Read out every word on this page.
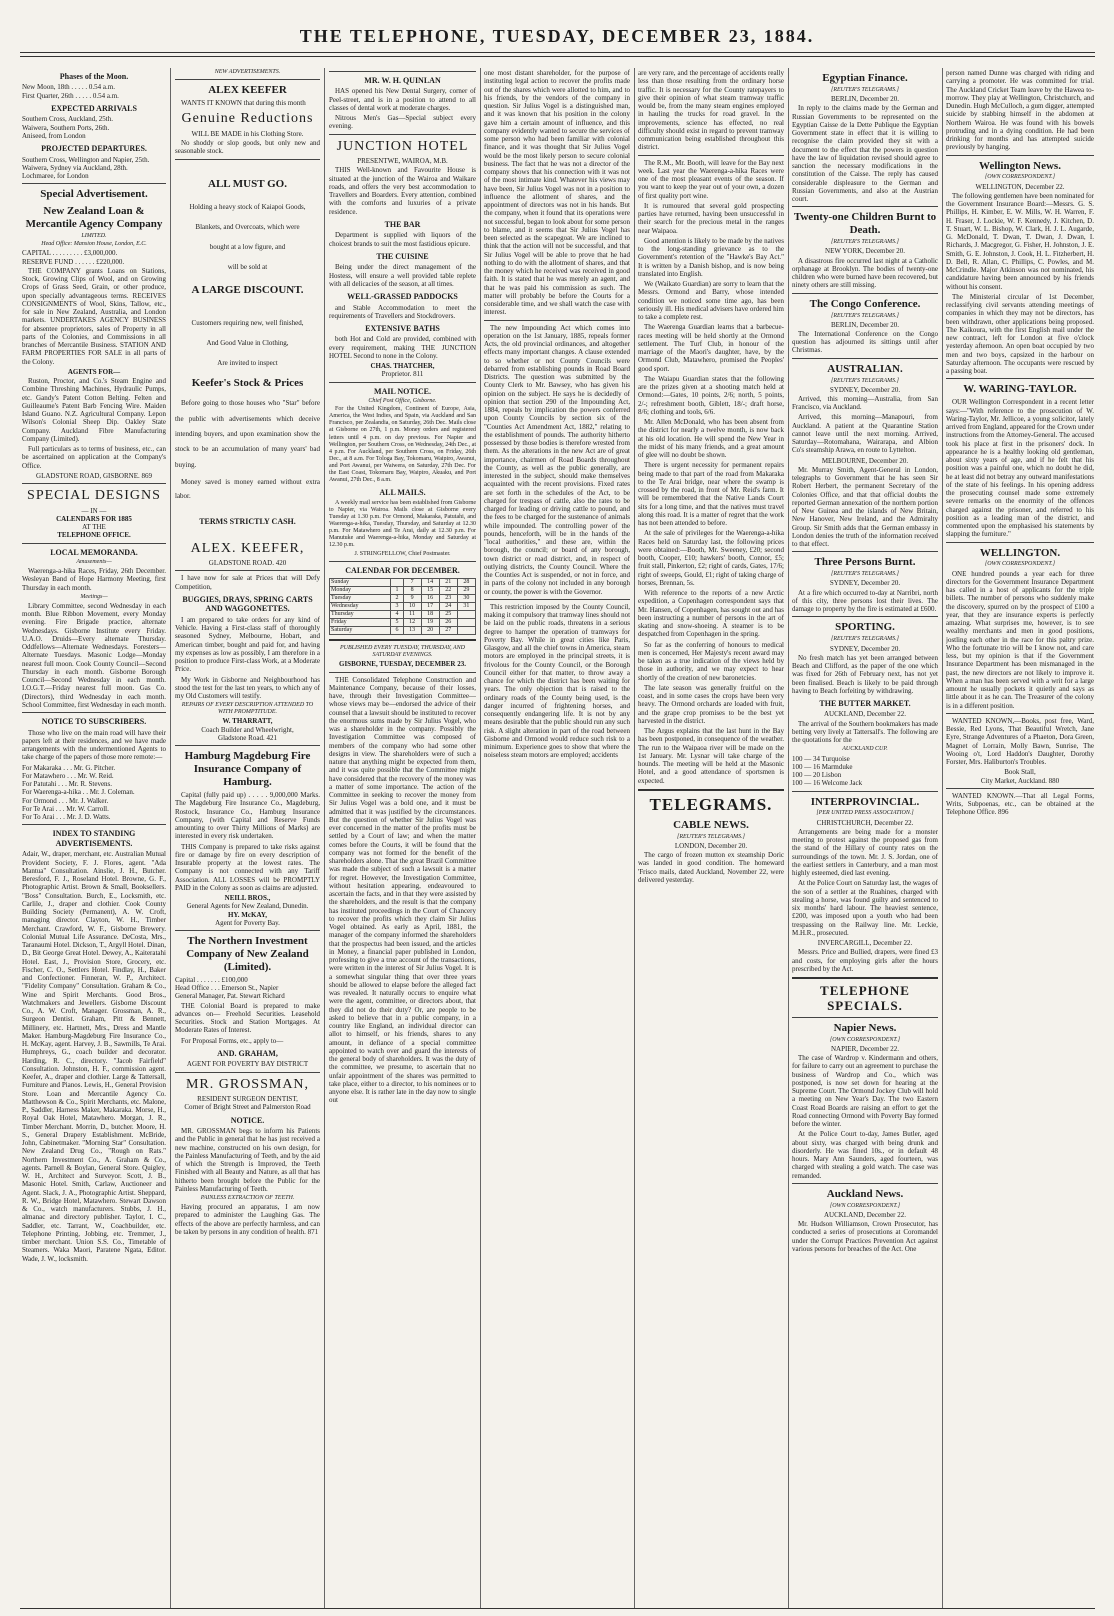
THE TELEPHONE, TUESDAY, DECEMBER 23, 1884.
Phases of the Moon.
New Moon, 18th . . . . . 0.54 a.m.
First Quarter, 26th . . . . . 0.54 a.m.
EXPECTED ARRIVALS
Southern Cross, Auckland, 25th.
Waiwera, Southern Ports, 26th.
Aniseed, from London
PROJECTED DEPARTURES.
Southern Cross, Wellington and Napier, 25th.
Waiwera, Sydney via Auckland, 28th.
Lochmaree, for London
Special Advertisement.
New Zealand Loan & Mercantile Agency Company
LIMITED.
Head Office: Mansion House, London, E.C.
CAPITAL . . . . . . . . . £3,000,000.
RESERVE FUND . . . . . . £220,000.
THE COMPANY grants Loans on Stations, Stock, Growing Clips of Wool, and on Growing Crops of Grass Seed, Grain, or other produce, upon specially advantageous terms. RECEIVES CONSIGNMENTS of Wool, Skins, Tallow, etc., for sale in New Zealand, Australia, and London markets. UNDERTAKES AGENCY BUSINESS for absentee proprietors, sales of Property in all parts of the Colonies, and Commissions in all branches of Mercantile Business. STATION AND FARM PROPERTIES FOR SALE in all parts of the Colony.
AGENTS FOR—
Ruston, Proctor, and Co.'s Steam Engine and Combine Threshing Machines, Hydraulic Pumps, etc. Gandy's Patent Cotton Belting. Felten and Guilleaume's Patent Barb Fencing Wire. Maiden Island Guano. N.Z. Agricultural Company. Lepon Wilson's Colonial Sheep Dip. Oakley State Company. Auckland Fibre Manufacturing Company (Limited).
Full particulars as to terms of business, etc., can be ascertained on application at the Company's Office.
GLADSTONE ROAD, GISBORNE. 869
SPECIAL DESIGNS
— IN —
CALENDARS FOR 1885
AT THE
TELEPHONE OFFICE.
LOCAL MEMORANDA.
Amusements—
Waerenga-a-hika Races, Friday, 26th December. Wesleyan Band of Hope Harmony Meeting, first Thursday in each month.
Meetings—
Library Committee, second Wednesday in each month. Blue Ribbon Movement, every Monday evening. Fire Brigade practice, alternate Wednesdays. Gisborne Institute every Friday. U.A.O. Druids—Every alternate Thursday. Oddfellows—Alternate Wednesdays. Foresters—Alternate Tuesdays. Masonic Lodge—Monday nearest full moon. Cook County Council—Second Thursday in each month. Gisborne Borough Council—Second Wednesday in each month. I.O.G.T.—Friday nearest full moon. Gas Co. (Directors), third Wednesday in each month. School Committee, first Wednesday in each month.
NOTICE TO SUBSCRIBERS.
Those who live on the main road will have their papers left at their residences, and we have made arrangements with the undermentioned Agents to take charge of the papers of those more remote:—
For Makaraka . . . Mr. G. Pitcher.
For Matawhero . . . Mr. W. Reid.
For Patutahi . . . Mr. R. Stevens.
For Waerenga-a-hika . . Mr. J. Coleman.
For Ormond . . . Mr. J. Walker.
For Te Arai . . . Mr. W. Carroll.
For To Arai . . . Mr. J. D. Watts.
INDEX TO STANDING ADVERTISEMENTS.
Adair, W., draper, merchant, etc. Australian Mutual Provident Society, F. J. Flores, agent. "Ada Mantua" Consultation. Ainslie, J. H., Butcher. Beresford, F. J., Roseland Hotel. Browne, G. F., Photographic Artist. Brown & Small, Booksellers. "Boss" Consultation. Burch, E., Locksmith, etc. Carlile, J., draper and clothier. Cook County Building Society (Permanent), A. W. Croft, managing director. Clayton, W. H., Timber Merchant. Crawford, W. F., Gisborne Brewery. Colonial Mutual Life Assurance. DeCosta, Mrs., Taranaumi Hotel. Dickson, T., Argyll Hotel. Dinan, D., Bit George Great Hotel. Dewey, A., Kaiteratahi Hotel. East, J., Provision Store, Grocery, etc. Fischer, C. O., Settlers Hotel. Findlay, H., Baker and Confectioner. Finneran, W. P., Architect. "Fidelity Company" Consultation. Graham & Co., Wine and Spirit Merchants. Good Bros., Watchmakers and Jewellers. Gisborne Discount Co., A. W. Croft, Manager. Grossman, A. R., Surgeon Dentist. Graham, Pitt & Bennett, Millinery, etc. Hartnett, Mrs., Dress and Mantle Maker. Hamburg-Magdeburg Fire Insurance Co., H. McKay, agent. Harvey, J. B., Sawmills, Te Arai. Humphreys, G., coach builder and decorator. Harding, R. C., directory. "Jacob Fairfield" Consultation. Johnston, H. F., commission agent. Keefer, A., draper and clothier. Large & Tattersall, Furniture and Pianos. Lewis, H., General Provision Store. Loan and Mercantile Agency Co. Matthewson & Co., Spirit Merchants, etc. Malone, P., Saddler, Harness Maker, Makaraka. Morse, H., Royal Oak Hotel, Matawhero. Morgan, J. R., Timber Merchant. Morrin, D., butcher. Moore, H. S., General Drapery Establishment. McBride, John, Cabinetmaker. "Morning Star" Consultation. New Zealand Drug Co., "Rough on Rats." Northern Investment Co., A. Graham & Co., agents. Parnell & Boylan, General Store. Quigley, W. H., Architect and Surveyor. Scott, J. B., Masonic Hotel. Smith, Carlaw, Auctioneer and Agent. Slack, J. A., Photographic Artist. Sheppard, R. W., Bridge Hotel, Matawhero. Stewart Dawson & Co., watch manufacturers. Stubbs, J. H., almanac and directory publisher. Taylor, I. C., Saddler, etc. Tarrant, W., Coachbuilder, etc. Telephone Printing, Jobbing, etc. Tremmer, J., timber merchant. Union S.S. Co., Timetable of Steamers. Waka Maori, Paratene Ngata, Editor. Wade, J. W., locksmith.
NEW ADVERTISEMENTS.
ALEX KEEFER
WANTS IT KNOWN that during this month
Genuine Reductions
WILL BE MADE in his Clothing Store.
No shoddy or slop goods, but only new and seasonable stock.
ALL MUST GO.
Holding a heavy stock of Kaiapoi Goods,
Blankets, and Overcoats, which were
bought at a low figure, and
will be sold at
A LARGE DISCOUNT.
Customers requiring new, well finished,
And Good Value in Clothing,
Are invited to inspect
Keefer's Stock & Prices
Before going to those houses who "Star" before the public with advertisements which deceive intending buyers, and upon examination show the stock to be an accumulation of many years' bad buying.
Money saved is money earned without extra labor.
TERMS STRICTLY CASH.
ALEX. KEEFER,
GLADSTONE ROAD. 420
I have now for sale at Prices that will Defy Competition,
BUGGIES, DRAYS, SPRING CARTS AND WAGGONETTES.
I am prepared to take orders for any kind of Vehicle. Having a First-class staff of thoroughly seasoned Sydney, Melbourne, Hobart, and American timber, bought and paid for, and having my expenses as low as possibly, I am therefore in a position to produce First-class Work, at a Moderate Price.
My Work in Gisborne and Neighbourhood has stood the test for the last ten years, to which any of my Old Customers will testify.
REPAIRS OF EVERY DESCRIPTION ATTENDED TO WITH PROMPTITUDE.
W. THARRATT,
Coach Builder and Wheelwright,
Gladstone Road. 421
Hamburg Magdeburg Fire Insurance Company of Hamburg.
Capital (fully paid up) . . . . . 9,000,000 Marks. The Magdeburg Fire Insurance Co., Magdeburg, Rostock, Insurance Co., Hamburg Insurance Company, (with Capital and Reserve Funds amounting to over Thirty Millions of Marks) are interested in every risk undertaken.
THIS Company is prepared to take risks against fire or damage by fire on every description of Insurable property at the lowest rates. The Company is not connected with any Tariff Association. ALL LOSSES will be PROMPTLY PAID in the Colony as soon as claims are adjusted.
NEILL BROS.,
General Agents for New Zealand, Dunedin.
HY. McKAY,
Agent for Poverty Bay.
The Northern Investment Company of New Zealand (Limited).
Capital . . . . . . . £100,000
Head Office . . . Emerson St., Napier
General Manager, Pat. Stewart Richard
THE Colonial Board is prepared to make advances on— Freehold Securities. Leasehold Securities. Stock and Station Mortgages. At Moderate Rates of Interest.
For Proposal Forms, etc., apply to—
AND. GRAHAM,
AGENT FOR POVERTY BAY DISTRICT
MR. GROSSMAN,
RESIDENT SURGEON DENTIST,
Corner of Bright Street and Palmerston Road
NOTICE.
MR. GROSSMAN begs to inform his Patients and the Public in general that he has just received a new machine, constructed on his own design, for the Painless Manufacturing of Teeth, and by the aid of which the Strength is Improved, the Teeth Finished with all Beauty and Nature, as all that has hitherto been brought before the Public for the Painless Manufacturing of Teeth.
PAINLESS EXTRACTION OF TEETH.
Having procured an apparatus, I am now prepared to administer the Laughing Gas. The effects of the above are perfectly harmless, and can be taken by persons in any condition of health. 871
MR. W. H. QUINLAN
HAS opened his New Dental Surgery, corner of Peel-street, and is in a position to attend to all classes of dental work at moderate charges.
Nitrous Men's Gas—Special subject every evening.
JUNCTION HOTEL
PRESENTWE, WAIROA, M.B.
THIS Well-known and Favourite House is situated at the junction of the Wairoa and Waikare roads, and offers the very best accommodation to Travellers and Boarders. Every attention, combined with the comforts and luxuries of a private residence.
THE BAR
Department is supplied with liquors of the choicest brands to suit the most fastidious epicure.
THE CUISINE
Being under the direct management of the Hostess, will ensure a well provided table replete with all delicacies of the season, at all times.
WELL-GRASSED PADDOCKS
and Stable Accommodation to meet the requirements of Travellers and Stockdrovers.
EXTENSIVE BATHS
both Hot and Cold are provided, combined with every requirement, making THE JUNCTION HOTEL Second to none in the Colony.
CHAS. THATCHER,
Proprietor. 811
MAIL NOTICE.
Chief Post Office, Gisborne.
For the United Kingdom, Continent of Europe, Asia, America, the West Indies, and Spain, via Auckland and San Francisco, per Zealandia, on Saturday, 26th Dec. Mails close at Gisborne on 27th, 1 p.m. Money orders and registered letters until 4 p.m. on day previous. For Napier and Wellington, per Southern Cross, on Wednesday, 24th Dec., at 4 p.m. For Auckland, per Southern Cross, on Friday, 26th Dec., at 8 a.m. For Tologa Bay, Tokomaru, Waipiro, Awanui, and Port Awanui, per Waiwera, on Saturday, 27th Dec. For the East Coast, Tokomaru Bay, Waipiro, Akuaku, and Port Awanui, 27th Dec., 8 a.m.
ALL MAILS.
A weekly mail service has been established from Gisborne to Napier, via Wairoa. Mails close at Gisborne every Tuesday at 1.30 p.m. For Ormond, Makaraka, Patutahi, and Waerenga-a-hika, Tuesday, Thursday, and Saturday at 12.30 p.m. For Matawhero and Te Arai, daily at 12.30 p.m. For Manutuke and Waerenga-a-hika, Monday and Saturday at 12.30 p.m.
J. STRINGFELLOW, Chief Postmaster.
CALENDAR FOR DECEMBER.
Sunday		7	14	21	28
Monday	1	8	15	22	29
Tuesday	2	9	16	23	30
Wednesday	3	10	17	24	31
Thursday	4	11	18	25	
Friday	5	12	19	26	
Saturday	6	13	20	27	
PUBLISHED EVERY TUESDAY, THURSDAY, AND SATURDAY EVENINGS.
GISBORNE, TUESDAY, DECEMBER 23.
THE Consolidated Telephone Construction and Maintenance Company, because of their losses, have, through their Investigation Committee—whose views may be—endorsed the advice of their counsel that a lawsuit should be instituted to recover the enormous sums made by Sir Julius Vogel, who was a shareholder in the company. Possibly the Investigation Committee was composed of members of the company who had some other designs in view. The shareholders were of such a nature that anything might be expected from them, and it was quite possible that the Committee might have considered that the recovery of the money was a matter of some importance. The action of the Committee in seeking to recover the money from Sir Julius Vogel was a bold one, and it must be admitted that it was justified by the circumstances. But the question of whether Sir Julius Vogel was ever concerned in the matter of the profits must be settled by a Court of law; and when the matter comes before the Courts, it will be found that the company was not formed for the benefit of the shareholders alone. That the great Brazil Committee was made the subject of such a lawsuit is a matter for regret. However, the Investigation Committee, without hesitation appearing, endeavoured to ascertain the facts, and in that they were assisted by the shareholders, and the result is that the company has instituted proceedings in the Court of Chancery to recover the profits which they claim Sir Julius Vogel obtained. As early as April, 1881, the manager of the company informed the shareholders that the prospectus had been issued, and the articles in Money, a financial paper published in London, professing to give a true account of the transactions, were written in the interest of Sir Julius Vogel. It is a somewhat singular thing that over three years should be allowed to elapse before the alleged fact was revealed. It naturally occurs to enquire what were the agent, committee, or directors about, that they did not do their duty? Or, are people to be asked to believe that in a public company, in a country like England, an individual director can allot to himself, or his friends, shares to any amount, in defiance of a special committee appointed to watch over and guard the interests of the general body of shareholders. It was the duty of the committee, we presume, to ascertain that no unfair appointment of the shares was permitted to take place, either to a director, to his nominees or to anyone else. It is rather late in the day now to single out
one most distant shareholder, for the purpose of instituting legal action to recover the profits made out of the shares which were allotted to him, and to his friends, by the vendors of the company in question. Sir Julius Vogel is a distinguished man, and it was known that his position in the colony gave him a certain amount of influence, and this company evidently wanted to secure the services of some person who had been familiar with colonial finance, and it was thought that Sir Julius Vogel would be the most likely person to secure colonial business. The fact that he was not a director of the company shows that his connection with it was not of the most intimate kind. Whatever his views may have been, Sir Julius Vogel was not in a position to influence the allotment of shares, and the appointment of directors was not in his hands. But the company, when it found that its operations were not successful, began to look about for some person to blame, and it seems that Sir Julius Vogel has been selected as the scapegoat. We are inclined to think that the action will not be successful, and that Sir Julius Vogel will be able to prove that he had nothing to do with the allotment of shares, and that the money which he received was received in good faith. It is stated that he was merely an agent, and that he was paid his commission as such. The matter will probably be before the Courts for a considerable time, and we shall watch the case with interest.
The new Impounding Act which comes into operation on the 1st January, 1885, repeals former Acts, the old provincial ordinances, and altogether effects many important changes. A clause extended to so whether or not County Councils were debarred from establishing pounds in Road Board Districts. The question was submitted by the County Clerk to Mr. Bawsey, who has given his opinion on the subject. He says he is decidedly of opinion that section 290 of the Impounding Act, 1884, repeals by implication the powers conferred upon County Councils by section six of the "Counties Act Amendment Act, 1882," relating to the establishment of pounds. The authority hitherto possessed by those bodies is therefore wrested from them. As the alterations in the new Act are of great importance, chairmen of Road Boards throughout the County, as well as the public generally, are interested in the subject, should make themselves acquainted with the recent provisions. Fixed rates are set forth in the schedules of the Act, to be charged for trespass of cattle, also the rates to be charged for leading or driving cattle to pound, and the fees to be charged for the sustenance of animals while impounded. The controlling power of the pounds, henceforth, will be in the hands of the "local authorities," and these are, within the borough, the council; or board of any borough, town district or road district, and, in respect of outlying districts, the County Council. Where the the Counties Act is suspended, or not in force, and in parts of the colony not included in any borough or county, the power is with the Governor.
This restriction imposed by the County Council, making it compulsory that tramway lines should not be laid on the public roads, threatens in a serious degree to hamper the operation of tramways for Poverty Bay. While in great cities like Paris, Glasgow, and all the chief towns in America, steam motors are employed in the principal streets, it is frivolous for the County Council, or the Borough Council either for that matter, to throw away a chance for which the district has been waiting for years. The only objection that is raised to the ordinary roads of the County being used, is the danger incurred of frightening horses, and consequently endangering life. It is not by any means desirable that the public should run any such risk. A slight alteration in part of the road between Gisborne and Ormond would reduce such risk to a minimum. Experience goes to show that where the noiseless steam motors are employed; accidents
are very rare, and the percentage of accidents really less than those resulting from the ordinary horse traffic. It is necessary for the County ratepayers to give their opinion of what steam tramway traffic would be, from the many steam engines employed in hauling the trucks for road gravel. In the improvements, science has effected, no real difficulty should exist in regard to prevent tramway communication being established throughout this district.
The R.M., Mr. Booth, will leave for the Bay next week. Last year the Waerenga-a-hika Races were one of the most pleasant events of the season. If you want to keep the year out of your own, a dozen of first quality port wine.
It is rumoured that several gold prospecting parties have returned, having been unsuccessful in their search for the precious metal in the ranges near Waipaoa.
Good attention is likely to be made by the natives to the long-standing grievance as to the Government's retention of the "Hawke's Bay Act." It is written by a Danish bishop, and is now being translated into English.
We (Waikato Guardian) are sorry to learn that the Messrs. Ormond and Barry, whose intended condition we noticed some time ago, has been seriously ill. His medical advisers have ordered him to take a complete rest.
The Waerenga Guardian learns that a barbecue-races meeting will be held shortly at the Ormond settlement. The Turf Club, in honour of the marriage of the Maori's daughter, have, by the Ormond Club, Matawhero, promised the Peoples' good sport.
The Waiapu Guardian states that the following are the prizes given at a shooting match held at Ormond:—Gates, 10 points, 2/6; north, 5 points, 2/-; refreshment booth, Giblett, 18/-; draft horse, 8/6; clothing and tools, 6/6.
Mr. Allen McDonald, who has been absent from the district for nearly a twelve month, is now back at his old location. He will spend the New Year in the midst of his many friends, and a great amount of glee will no doubt be shown.
There is urgent necessity for permanent repairs being made to that part of the road from Makaraka to the Te Arai bridge, near where the swamp is crossed by the road, in front of Mr. Reid's farm. It will be remembered that the Native Lands Court sits for a long time, and that the natives must travel along this road. It is a matter of regret that the work has not been attended to before.
At the sale of privileges for the Waerenga-a-hika Races held on Saturday last, the following prices were obtained:—Booth, Mr. Sweeney, £20; second booth, Cooper, £10; hawkers' booth, Connor, £5; fruit stall, Pinkerton, £2; right of cards, Gates, 17/6; right of sweeps, Gould, £1; right of taking charge of horses, Brennan, 5s.
With reference to the reports of a new Arctic expedition, a Copenhagen correspondent says that Mr. Hansen, of Copenhagen, has sought out and has been instructing a number of persons in the art of skating and snow-shoeing. A steamer is to be despatched from Copenhagen in the spring.
So far as the conferring of honours to medical men is concerned, Her Majesty's recent award may be taken as a true indication of the views held by those in authority, and we may expect to hear shortly of the creation of new baronetcies.
The late season was generally fruitful on the coast, and in some cases the crops have been very heavy. The Ormond orchards are loaded with fruit, and the grape crop promises to be the best yet harvested in the district.
The Argus explains that the last hunt in the Bay has been postponed, in consequence of the weather. The run to the Waipaoa river will be made on the 1st January. Mr. Lysnar will take charge of the hounds. The meeting will be held at the Masonic Hotel, and a good attendance of sportsmen is expected.
TELEGRAMS.
CABLE NEWS.
[REUTER'S TELEGRAMS.]
LONDON, December 20.
The cargo of frozen mutton ex steamship Doric was landed in good condition. The homeward 'Frisco mails, dated Auckland, November 22, were delivered yesterday.
Egyptian Finance.
[REUTER'S TELEGRAMS.]
BERLIN, December 20.
In reply to the claims made by the German and Russian Governments to be represented on the Egyptian Caisse de la Dette Publique the Egyptian Government state in effect that it is willing to recognise the claim provided they sit with a document to the effect that the powers in question have the law of liquidation revised should agree to sanction the necessary modifications in the constitution of the Caisse. The reply has caused considerable displeasure to the German and Russian Governments, and also at the Austrian court.
Twenty-one Children Burnt to Death.
[REUTER'S TELEGRAMS.]
NEW YORK, December 20.
A disastrous fire occurred last night at a Catholic orphanage at Brooklyn. The bodies of twenty-one children who were burned have been recovered, but ninety others are still missing.
The Congo Conference.
[REUTER'S TELEGRAMS.]
BERLIN, December 20.
The International Conference on the Congo question has adjourned its sittings until after Christmas.
AUSTRALIAN.
[REUTER'S TELEGRAMS.]
SYDNEY, December 20.
Arrived, this morning—Australia, from San Francisco, via Auckland.
Arrived, this morning—Manapouri, from Auckland. A patient at the Quarantine Station cannot leave until the next morning. Arrived, Saturday—Rotomahana, Wairarapa, and Albion Co's steamship Arawa, en route to Lyttelton.
MELBOURNE, December 20.
Mr. Murray Smith, Agent-General in London, telegraphs to Government that he has seen Sir Robert Herbert, the permanent Secretary of the Colonies Office, and that that official doubts the reported German annexation of the northern portion of New Guinea and the islands of New Britain, New Hanover, New Ireland, and the Admiralty Group. Sir Smith adds that the German embassy in London denies the truth of the information received to that effect.
Three Persons Burnt.
[REUTER'S TELEGRAMS.]
SYDNEY, December 20.
At a fire which occurred to-day at Narribri, north of this city, three persons lost their lives. The damage to property by the fire is estimated at £600.
SPORTING.
[REUTER'S TELEGRAMS.]
SYDNEY, December 20.
No fresh match has yet been arranged between Beach and Clifford, as the paper of the one which was fixed for 26th of February next, has not yet been finalised. Beach is likely to be paid through having to Beach forfeiting by withdrawing.
THE BUTTER MARKET.
AUCKLAND, December 22.
The arrival of the Southern bookmakers has made betting very lively at Tattersall's. The following are the quotations for the
AUCKLAND CUP.
100 — 34 Turquoise
100 — 16 Marmduke
100 — 20 Lisbon
100 — 16 Welcome Jack
INTERPROVINCIAL.
[PER UNITED PRESS ASSOCIATION.]
CHRISTCHURCH, December 22.
Arrangements are being made for a monster meeting to protest against the proposed gas from the stand of the Hillary of county rates on the surroundings of the town. Mr. J. S. Jordan, one of the earliest settlers in Canterbury, and a man most highly esteemed, died last evening.
At the Police Court on Saturday last, the wages of the son of a settler at the Ruahines, charged with stealing a horse, was found guilty and sentenced to six months' hard labour. The heaviest sentence, £200, was imposed upon a youth who had been trespassing on the Railway line. Mr. Leckie, M.H.R., prosecuted.
INVERCARGILL, December 22.
Messrs. Price and Bullied, drapers, were fined £3 and costs, for employing girls after the hours prescribed by the Act.
TELEPHONE SPECIALS.
Napier News.
[OWN CORRESPONDENT.]
NAPIER, December 22.
The case of Wardrop v. Kindermann and others, for failure to carry out an agreement to purchase the business of Wardrop and Co., which was postponed, is now set down for hearing at the Supreme Court. The Ormond Jockey Club will hold a meeting on New Year's Day. The two Eastern Coast Road Boards are raising an effort to get the Road connecting Ormond with Poverty Bay formed before the winter.
At the Police Court to-day, James Butler, aged about sixty, was charged with being drunk and disorderly. He was fined 10s., or in default 48 hours. Mary Ann Saunders, aged fourteen, was charged with stealing a gold watch. The case was remanded.
Auckland News.
[OWN CORRESPONDENT.]
AUCKLAND, December 22.
Mr. Hudson Williamson, Crown Prosecutor, has conducted a series of prosecutions at Coromandel under the Corrupt Practices Prevention Act against various persons for breaches of the Act. One
person named Dunne was charged with riding and carrying a promoter. He was committed for trial. The Auckland Cricket Team leave by the Hawea to-morrow. They play at Wellington, Christchurch, and Dunedin. Hugh McCulloch, a gum digger, attempted suicide by stabbing himself in the abdomen at Northern Wairoa. He was found with his bowels protruding and in a dying condition. He had been drinking for months and has attempted suicide previously by hanging.
Wellington News.
[OWN CORRESPONDENT.]
WELLINGTON, December 22.
The following gentlemen have been nominated for the Government Insurance Board:—Messrs. G. S. Phillips, H. Kimber, E. W. Mills, W. H. Warren, F. H. Fraser, J. Lockie, W. F. Kennedy, J. Kitchen, D. T. Stuart, W. L. Bishop, W. Clark, H. J. L. Augarde, G. McDonald, T. Dwan, T. Dwan, J. Dwan, I. Richards, J. Macgregor, G. Fisher, H. Johnston, J. E. Smith, G. E. Johnston, J. Cook, H. L. Fitzherbert, H. D. Bell, R. Allan, C. Phillips, C. Powles, and M. McCrindle. Major Atkinson was not nominated, his candidature having been announced by his friends without his consent.
The Ministerial circular of 1st December, reclassifying civil servants attending meetings of companies in which they may not be directors, has been withdrawn, other applications being proposed. The Kaikoura, with the first English mail under the new contract, left for London at five o'clock yesterday afternoon. An open boat occupied by two men and two boys, capsized in the harbour on Saturday afternoon. The occupants were rescued by a passing boat.
W. WARING-TAYLOR.
OUR Wellington Correspondent in a recent letter says:—"With reference to the prosecution of W. Waring-Taylor, Mr. Jellicoe, a young solicitor, lately arrived from England, appeared for the Crown under instructions from the Attorney-General. The accused took his place at first in the prisoners' dock. In appearance he is a healthy looking old gentleman, about sixty years of age, and if he felt that his position was a painful one, which no doubt he did, he at least did not betray any outward manifestations of the state of his feelings. In his opening address the prosecuting counsel made some extremely severe remarks on the enormity of the offences charged against the prisoner, and referred to his position as a leading man of the district, and commented upon the emphasised his statements by slapping the furniture."
WELLINGTON.
[OWN CORRESPONDENT.]
ONE hundred pounds a year each for three directors for the Government Insurance Department has called in a host of applicants for the triple billets. The number of persons who suddenly make the discovery, spurred on by the prospect of £100 a year, that they are insurance experts is perfectly amazing. What surprises me, however, is to see wealthy merchants and men in good positions, jostling each other in the race for this paltry prize. Who the fortunate trio will be I know not, and care less, but my opinion is that if the Government Insurance Department has been mismanaged in the past, the new directors are not likely to improve it. When a man has been served with a writ for a large amount he usually pockets it quietly and says as little about it as he can. The Treasurer of the colony is in a different position.
WANTED KNOWN,—Books, post free, Ward, Bessie, Red Lyons, That Beautiful Wretch, Jane Eyre, Strange Adventures of a Phaeton, Dora Green, Magnet of Lorrain, Molly Bawn, Sunrise, The Wooing o't, Lord Haddon's Daughter, Dorothy Forster, Mrs. Haliburton's Troubles.
Book Stall,
City Market, Auckland. 880
WANTED KNOWN.—That all Legal Forms, Writs, Subpoenas, etc., can be obtained at the Telephone Office. 896
